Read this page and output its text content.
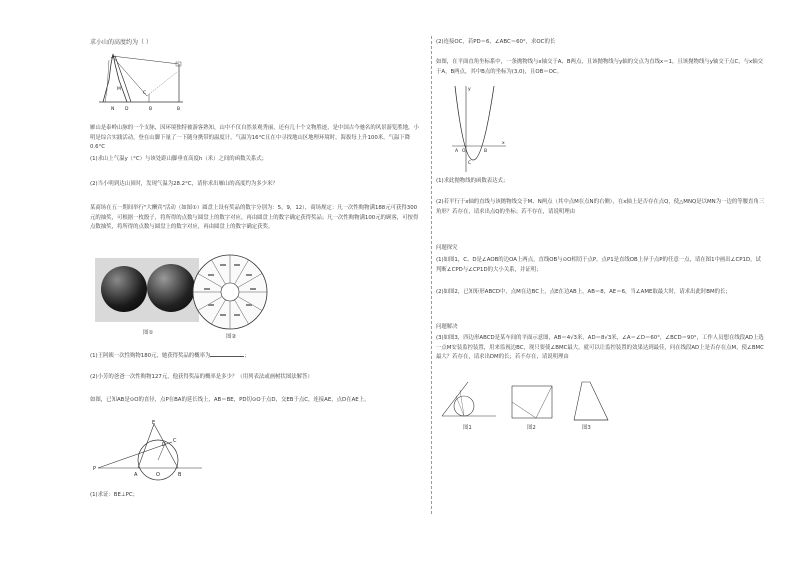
求小山的高度约为（ ）
N D	B	B
C
M
雁山是泰岭山脉的一个支脉，因环境独特被游客熟知，山中不仅自然景观秀丽，还有几十个文物胜迹，是中国古今驰名的风景游览胜地，小明是综合实践活动，登在山脚下量了一下随身携带的温度计，气温为16°C且在中寻找地山区地理环境时，海拔每上升100米，气温下降0.6°C
(1)求山上气温y（°C）与该处距山脚垂直高度h（米）之间的函数关系式；
(2)当小明到达山顶时，发现气温为28.2°C，请你求出雁山的高度约为多少米？
某商场在五一期间举行"大酬宾"活动（如图①）圆盘上设有奖品的数字分别为：5，9，12），商场规定：凡一次性购物满188元可获得300元的抽奖，可根据一枚骰子，将所得的点数与圆盘上的数字对应，再由圆盘上的数字确定获得奖品；凡一次性购物满100元的顾客，可按得点数抽奖，将所得的点数与圆盘上的数字对应，再由圆盘上的数字确定获奖。
图①
图②
(1)王阿姨一次性购物180元，她获得奖品的概率为	；
(2)小芳的爸爸一次性购物127元，他获得奖品的概率是多少？（用列表法或画树状图法解答）
如图，已知AB是⊙O的直径，点P在BA的延长线上，AB＝BE，PD切⊙O于点D，交EB于点C，连接AE，点D在AE上。
P
A	O	B
E
C
D
(1)求证：BE⊥PC；
(2)连接OC，若PD＝6，∠ABC＝60°，求OC的长
如图，在平面直角坐标系中，一条抛物线与x轴交于A、B两点，且该抛物线与y轴的交点为直线x＝1，且该抛物线与y轴交于点C，与x轴交于A，B两点，其中B点的坐标为(3,0)，且OB＝OC。
y
x
O
A	B
C
(1)求此抛物线的函数表达式；
(2)若平行于x轴的直线与该抛物线交于M、N两点（其中点M在点N的右侧），在x轴上是否存在点Q，使△MNQ是以MN为一边的等腰直角三角形？若存在，请求出点Q的坐标；若不存在，请说明理由
问题探究
(1)如图1，C、D是∠AOB的边OA上两点，直线OB与⊙O相切于点P，点P1是直线OB上异于点P的任意一点，请在图1中画出∠CP1D，试判断∠CPD与∠CP1D的大小关系，并证明；
(2)如图2，已知矩形ABCD中，点M在边BC上，点E在边AB上，AB＝8，AE＝6，当∠AME取最大时，请求出此时BM的长；
问题解决
(3)如图3，四边形ABCD是某车间的平面示意图，AB＝4√3米，AD＝8√3米，∠A＝∠D＝60°，∠BCD＝90°，工作人员想在线段AD上选一点M安装监控装置，用来监视边BC，现只要使∠BMC最大，就可以让监控装置的效果达到最佳，问在线段AD上是否存在点M，使∠BMC最大？若存在，请求出DM的长；若不存在，请说明理由
图1	图2	图3
